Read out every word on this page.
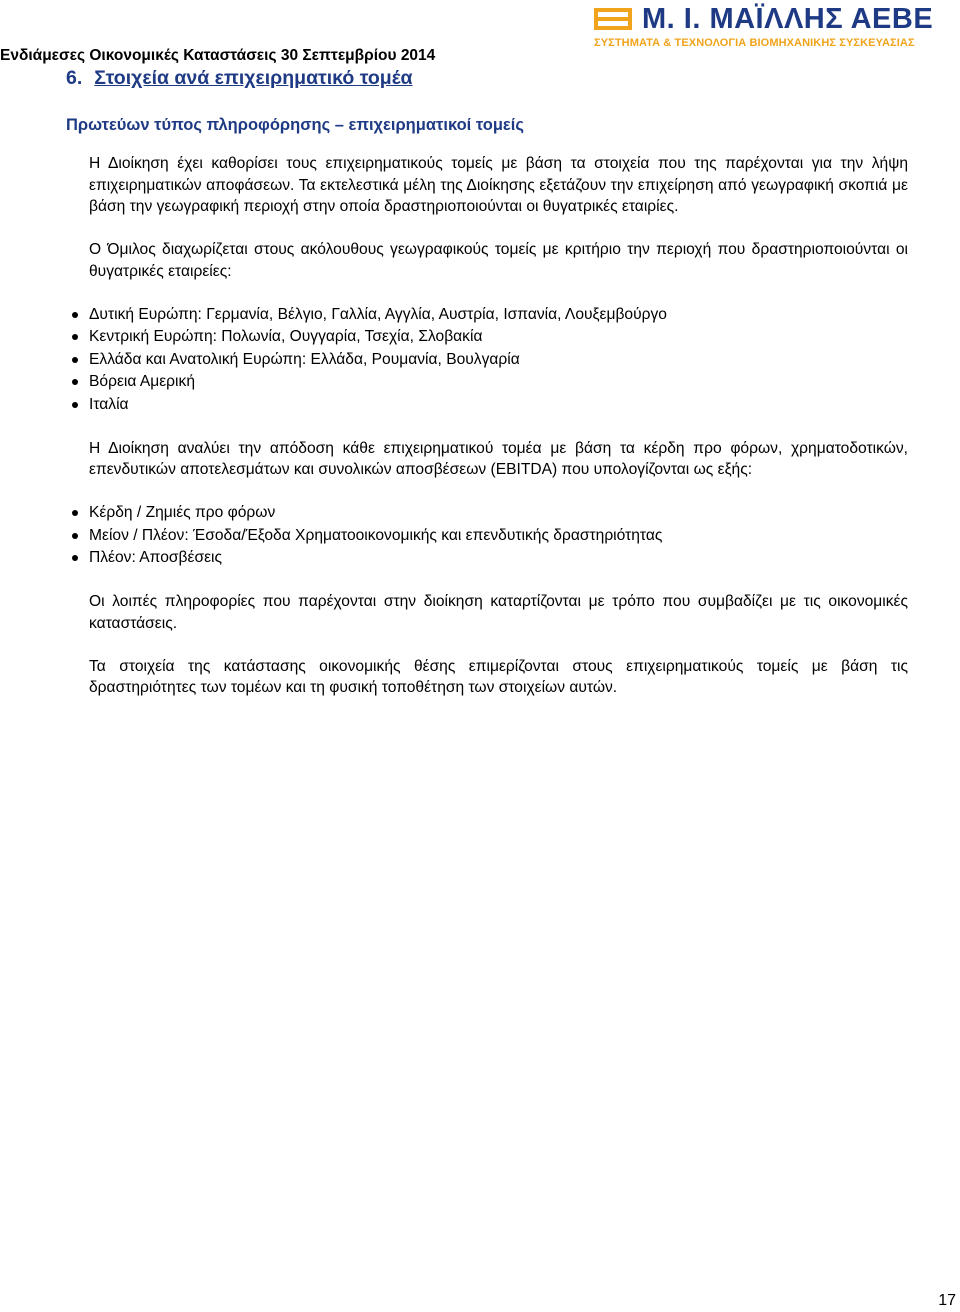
Μ. Ι. ΜΑΪΛΛΗΣ ΑΕΒΕ
ΣΥΣΤΗΜΑΤΑ & ΤΕΧΝΟΛΟΓΙΑ ΒΙΟΜΗΧΑΝΙΚΗΣ ΣΥΣΚΕΥΑΣΙΑΣ
Ενδιάμεσες Οικονομικές Καταστάσεις 30 Σεπτεμβρίου 2014
6. Στοιχεία ανά επιχειρηματικό τομέα
Πρωτεύων τύπος πληροφόρησης – επιχειρηματικοί τομείς

Η Διοίκηση έχει καθορίσει τους επιχειρηματικούς τομείς με βάση τα στοιχεία που της παρέχονται για την λήψη επιχειρηματικών αποφάσεων. Τα εκτελεστικά μέλη της Διοίκησης εξετάζουν την επιχείρηση από γεωγραφική σκοπιά με βάση την γεωγραφική περιοχή στην οποία δραστηριοποιούνται οι θυγατρικές εταιρίες.

Ο Όμιλος διαχωρίζεται στους ακόλουθους γεωγραφικούς τομείς με κριτήριο την περιοχή που δραστηριοποιούνται οι θυγατρικές εταιρείες:

Δυτική Ευρώπη: Γερμανία, Βέλγιο, Γαλλία, Αγγλία, Αυστρία, Ισπανία, Λουξεμβούργο
Κεντρική Ευρώπη: Πολωνία, Ουγγαρία, Τσεχία, Σλοβακία
Ελλάδα και Ανατολική Ευρώπη: Ελλάδα, Ρουμανία, Βουλγαρία
Βόρεια Αμερική
Ιταλία

Η Διοίκηση αναλύει την απόδοση κάθε επιχειρηματικού τομέα με βάση τα κέρδη προ φόρων, χρηματοδοτικών, επενδυτικών αποτελεσμάτων και συνολικών αποσβέσεων (EBITDA) που υπολογίζονται ως εξής:

Κέρδη / Ζημιές προ φόρων
Μείον / Πλέον: Έσοδα/Έξοδα Χρηματοοικονομικής και επενδυτικής δραστηριότητας
Πλέον: Αποσβέσεις

Οι λοιπές πληροφορίες που παρέχονται στην διοίκηση καταρτίζονται με τρόπο που συμβαδίζει με τις οικονομικές καταστάσεις.

Τα στοιχεία της κατάστασης οικονομικής θέσης επιμερίζονται στους επιχειρηματικούς τομείς με βάση τις δραστηριότητες των τομέων και τη φυσική τοποθέτηση των στοιχείων αυτών.

17
